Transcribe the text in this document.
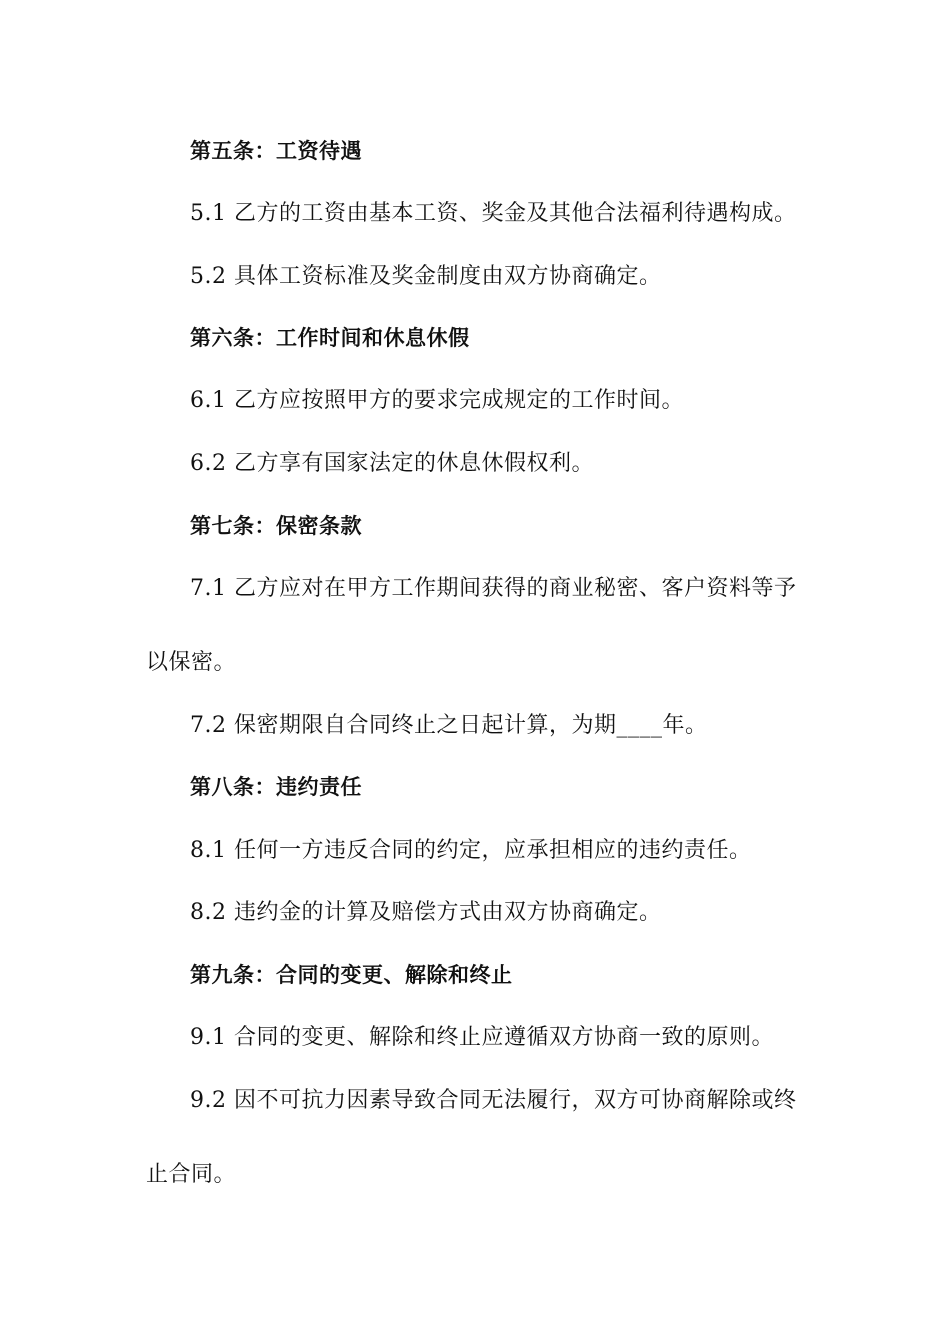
第五条：工资待遇

5.1 乙方的工资由基本工资、奖金及其他合法福利待遇构成。

5.2 具体工资标准及奖金制度由双方协商确定。

第六条：工作时间和休息休假

6.1 乙方应按照甲方的要求完成规定的工作时间。

6.2 乙方享有国家法定的休息休假权利。

第七条：保密条款

7.1 乙方应对在甲方工作期间获得的商业秘密、客户资料等予

以保密。

7.2 保密期限自合同终止之日起计算，为期____年。

第八条：违约责任

8.1 任何一方违反合同的约定，应承担相应的违约责任。

8.2 违约金的计算及赔偿方式由双方协商确定。

第九条：合同的变更、解除和终止

9.1 合同的变更、解除和终止应遵循双方协商一致的原则。

9.2 因不可抗力因素导致合同无法履行，双方可协商解除或终

止合同。
